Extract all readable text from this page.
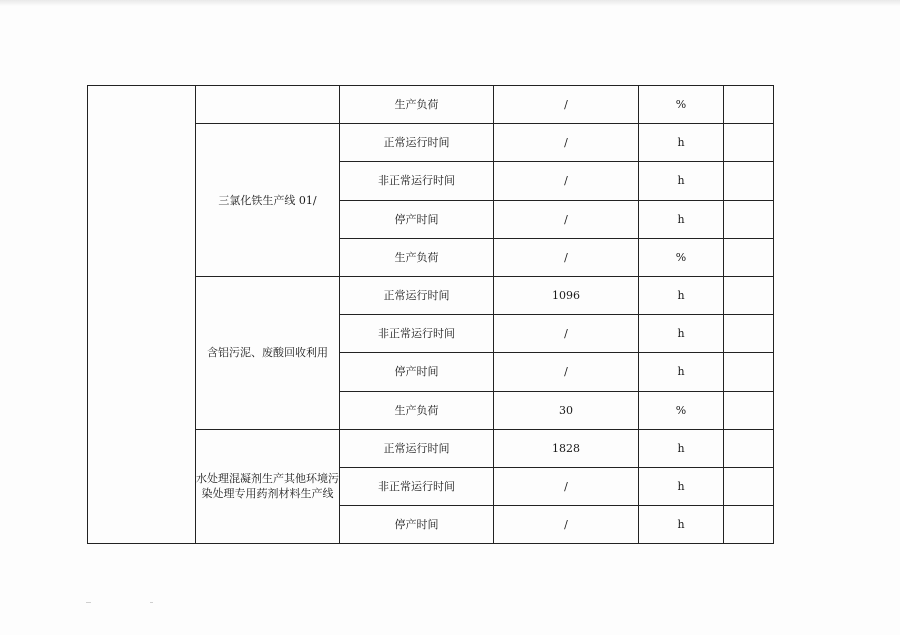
		生产负荷	/	%	
	三氯化铁生产线 01/	正常运行时间	/	h	
		非正常运行时间	/	h	
		停产时间	/	h	
		生产负荷	/	%	
	含铝污泥、废酸回收利用	正常运行时间	1096	h	
		非正常运行时间	/	h	
		停产时间	/	h	
		生产负荷	30	%	
	水处理混凝剂生产其他环境污染处理专用药剂材料生产线	正常运行时间	1828	h	
		非正常运行时间	/	h	
		停产时间	/	h	
